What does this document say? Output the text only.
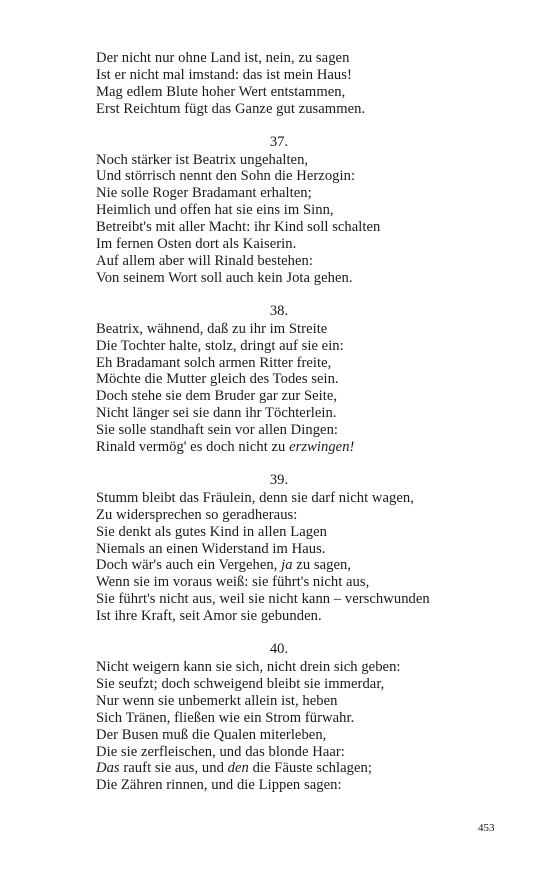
Der nicht nur ohne Land ist, nein, zu sagen
Ist er nicht mal imstand: das ist mein Haus!
Mag edlem Blute hoher Wert entstammen,
Erst Reichtum fügt das Ganze gut zusammen.
37.
Noch stärker ist Beatrix ungehalten,
Und störrisch nennt den Sohn die Herzogin:
Nie solle Roger Bradamant erhalten;
Heimlich und offen hat sie eins im Sinn,
Betreibt's mit aller Macht: ihr Kind soll schalten
Im fernen Osten dort als Kaiserin.
Auf allem aber will Rinald bestehen:
Von seinem Wort soll auch kein Jota gehen.
38.
Beatrix, wähnend, daß zu ihr im Streite
Die Tochter halte, stolz, dringt auf sie ein:
Eh Bradamant solch armen Ritter freite,
Möchte die Mutter gleich des Todes sein.
Doch stehe sie dem Bruder gar zur Seite,
Nicht länger sei sie dann ihr Töchterlein.
Sie solle standhaft sein vor allen Dingen:
Rinald vermög' es doch nicht zu erzwingen!
39.
Stumm bleibt das Fräulein, denn sie darf nicht wagen,
Zu widersprechen so geradheraus:
Sie denkt als gutes Kind in allen Lagen
Niemals an einen Widerstand im Haus.
Doch wär's auch ein Vergehen, ja zu sagen,
Wenn sie im voraus weiß: sie führt's nicht aus,
Sie führt's nicht aus, weil sie nicht kann – verschwunden
Ist ihre Kraft, seit Amor sie gebunden.
40.
Nicht weigern kann sie sich, nicht drein sich geben:
Sie seufzt; doch schweigend bleibt sie immerdar,
Nur wenn sie unbemerkt allein ist, heben
Sich Tränen, fließen wie ein Strom fürwahr.
Der Busen muß die Qualen miterleben,
Die sie zerfleischen, und das blonde Haar:
Das rauft sie aus, und den die Fäuste schlagen;
Die Zähren rinnen, und die Lippen sagen:
453
